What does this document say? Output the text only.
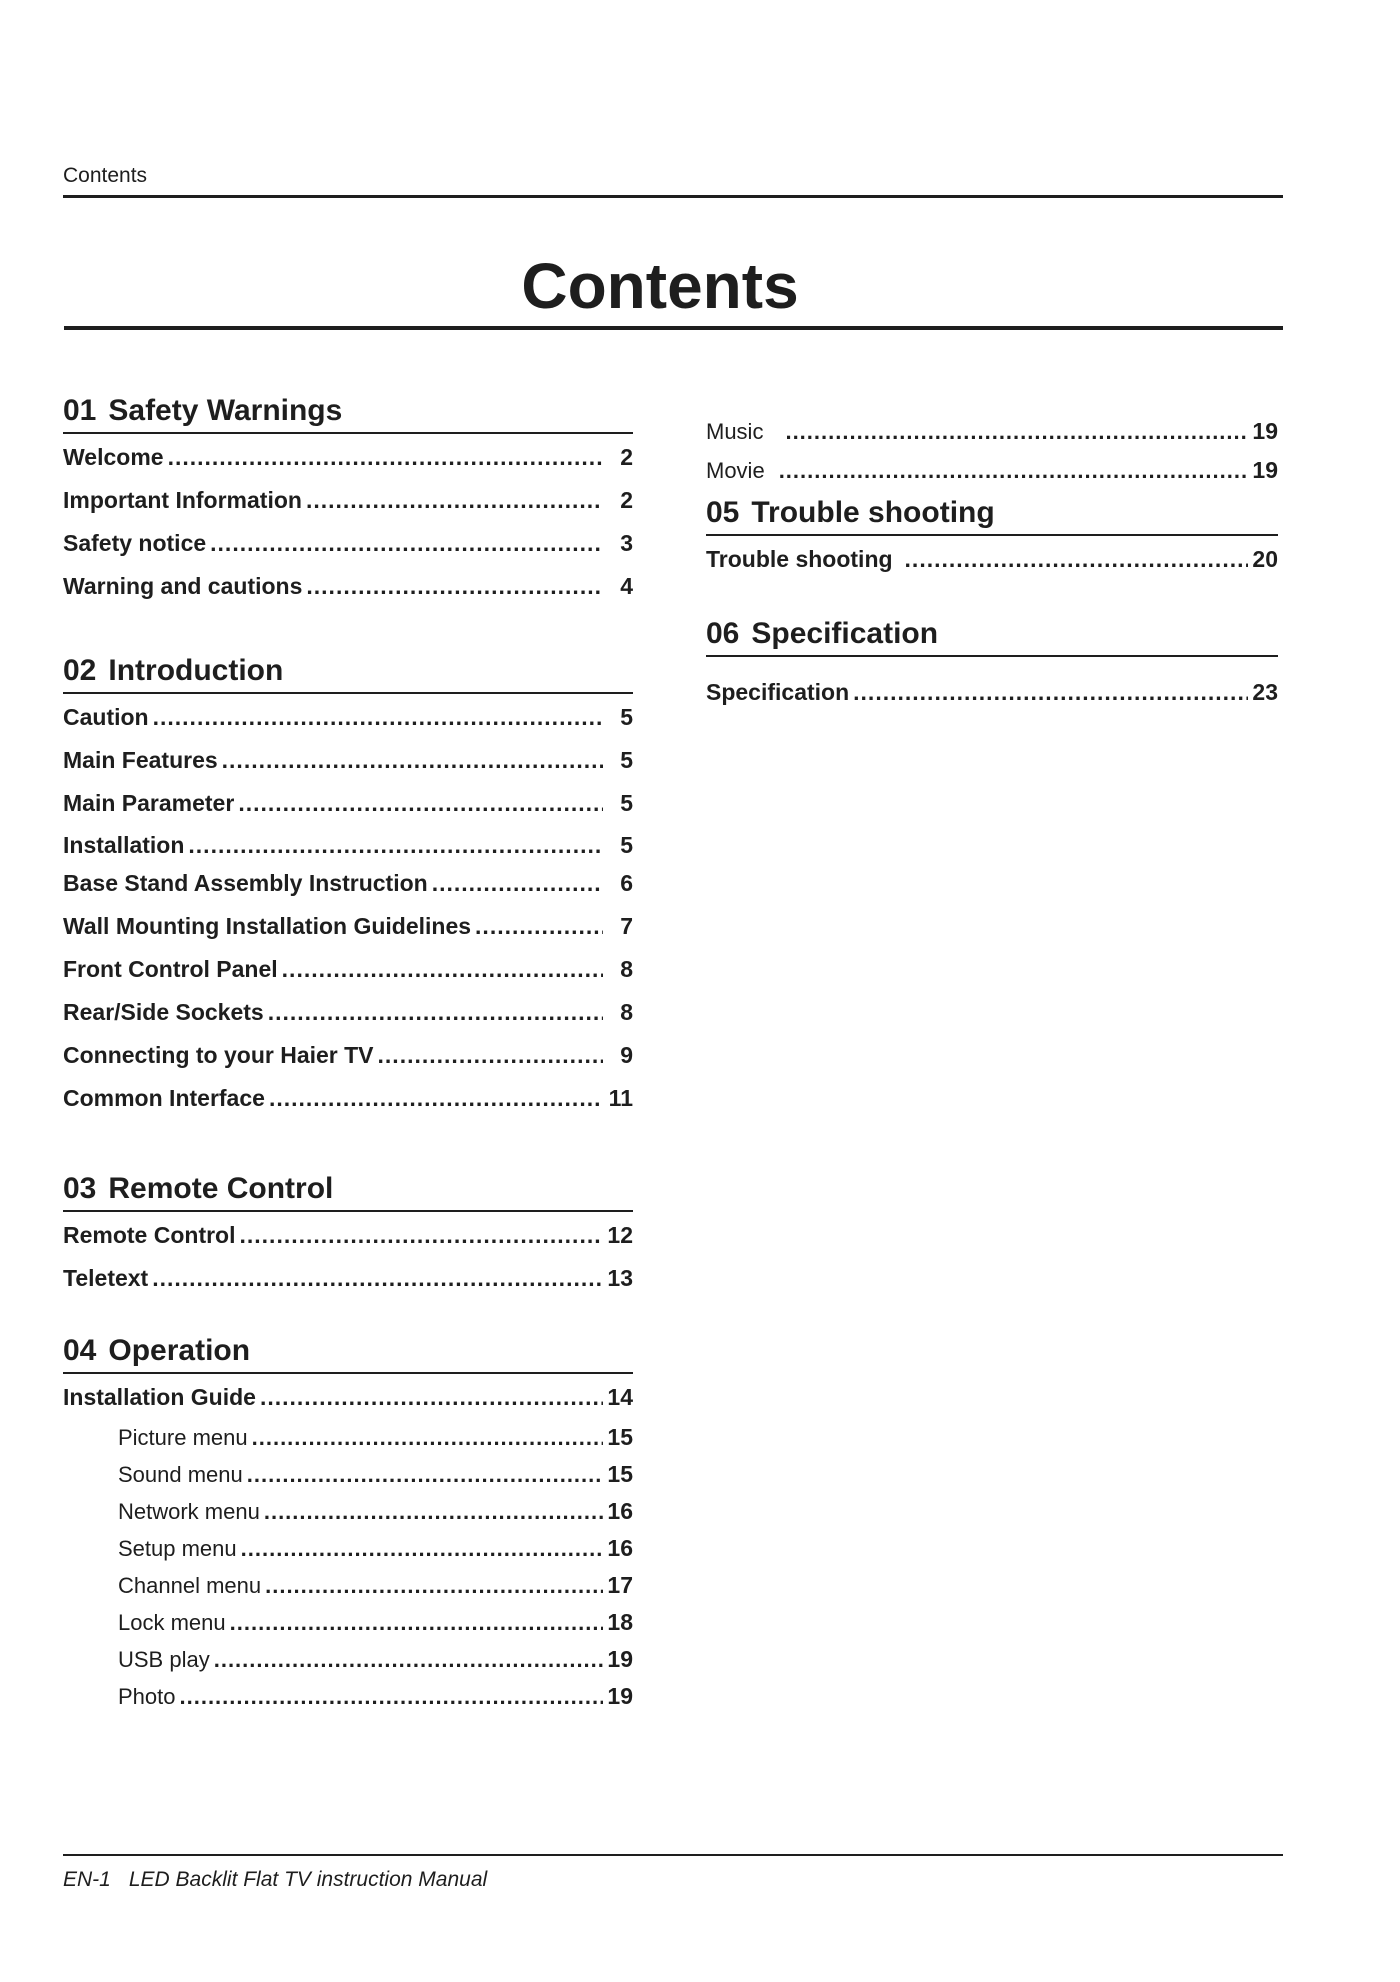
Contents
Contents
01 Safety Warnings
Welcome .....	2
Important Information .....	2
Safety notice .....	3
Warning and cautions .....	4
02 Introduction
Caution .....	5
Main Features .....	5
Main Parameter .....	5
Installation .....	5
Base Stand Assembly Instruction .....	6
Wall Mounting Installation Guidelines .....	7
Front Control Panel .....	8
Rear/Side Sockets .....	8
Connecting to your Haier TV .....	9
Common Interface .....	11
03 Remote Control
Remote Control .....	12
Teletext .....	13
04 Operation
Installation Guide .....	14
Picture menu .....	15
Sound menu .....	15
Network menu .....	16
Setup menu .....	16
Channel menu .....	17
Lock menu .....	18
USB play .....	19
Photo .....	19
Music .....	19
Movie .....	19
05 Trouble shooting
Trouble shooting .....	20
06 Specification
Specification .....	23
EN-1 LED Backlit Flat TV instruction Manual
